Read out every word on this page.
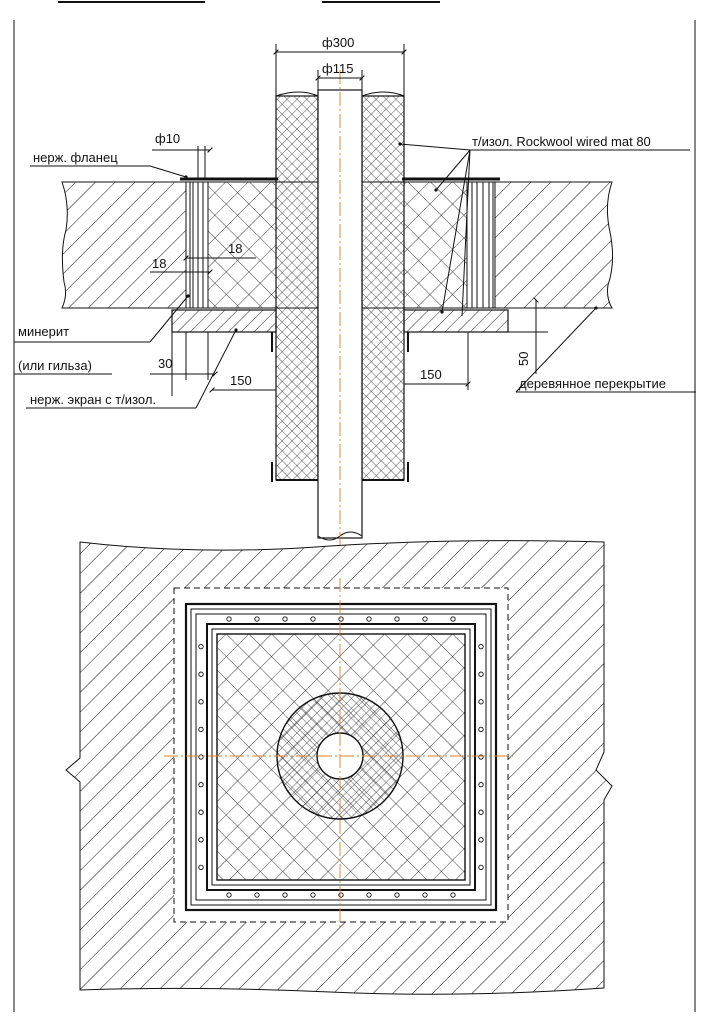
ф300
ф115
ф10
нерж. фланец
т/изол. Rockwool wired mat 80
18
18
минерит
(или гильза)	30
150
нерж. экран с т/изол.
150
50
деревянное перекрытие
